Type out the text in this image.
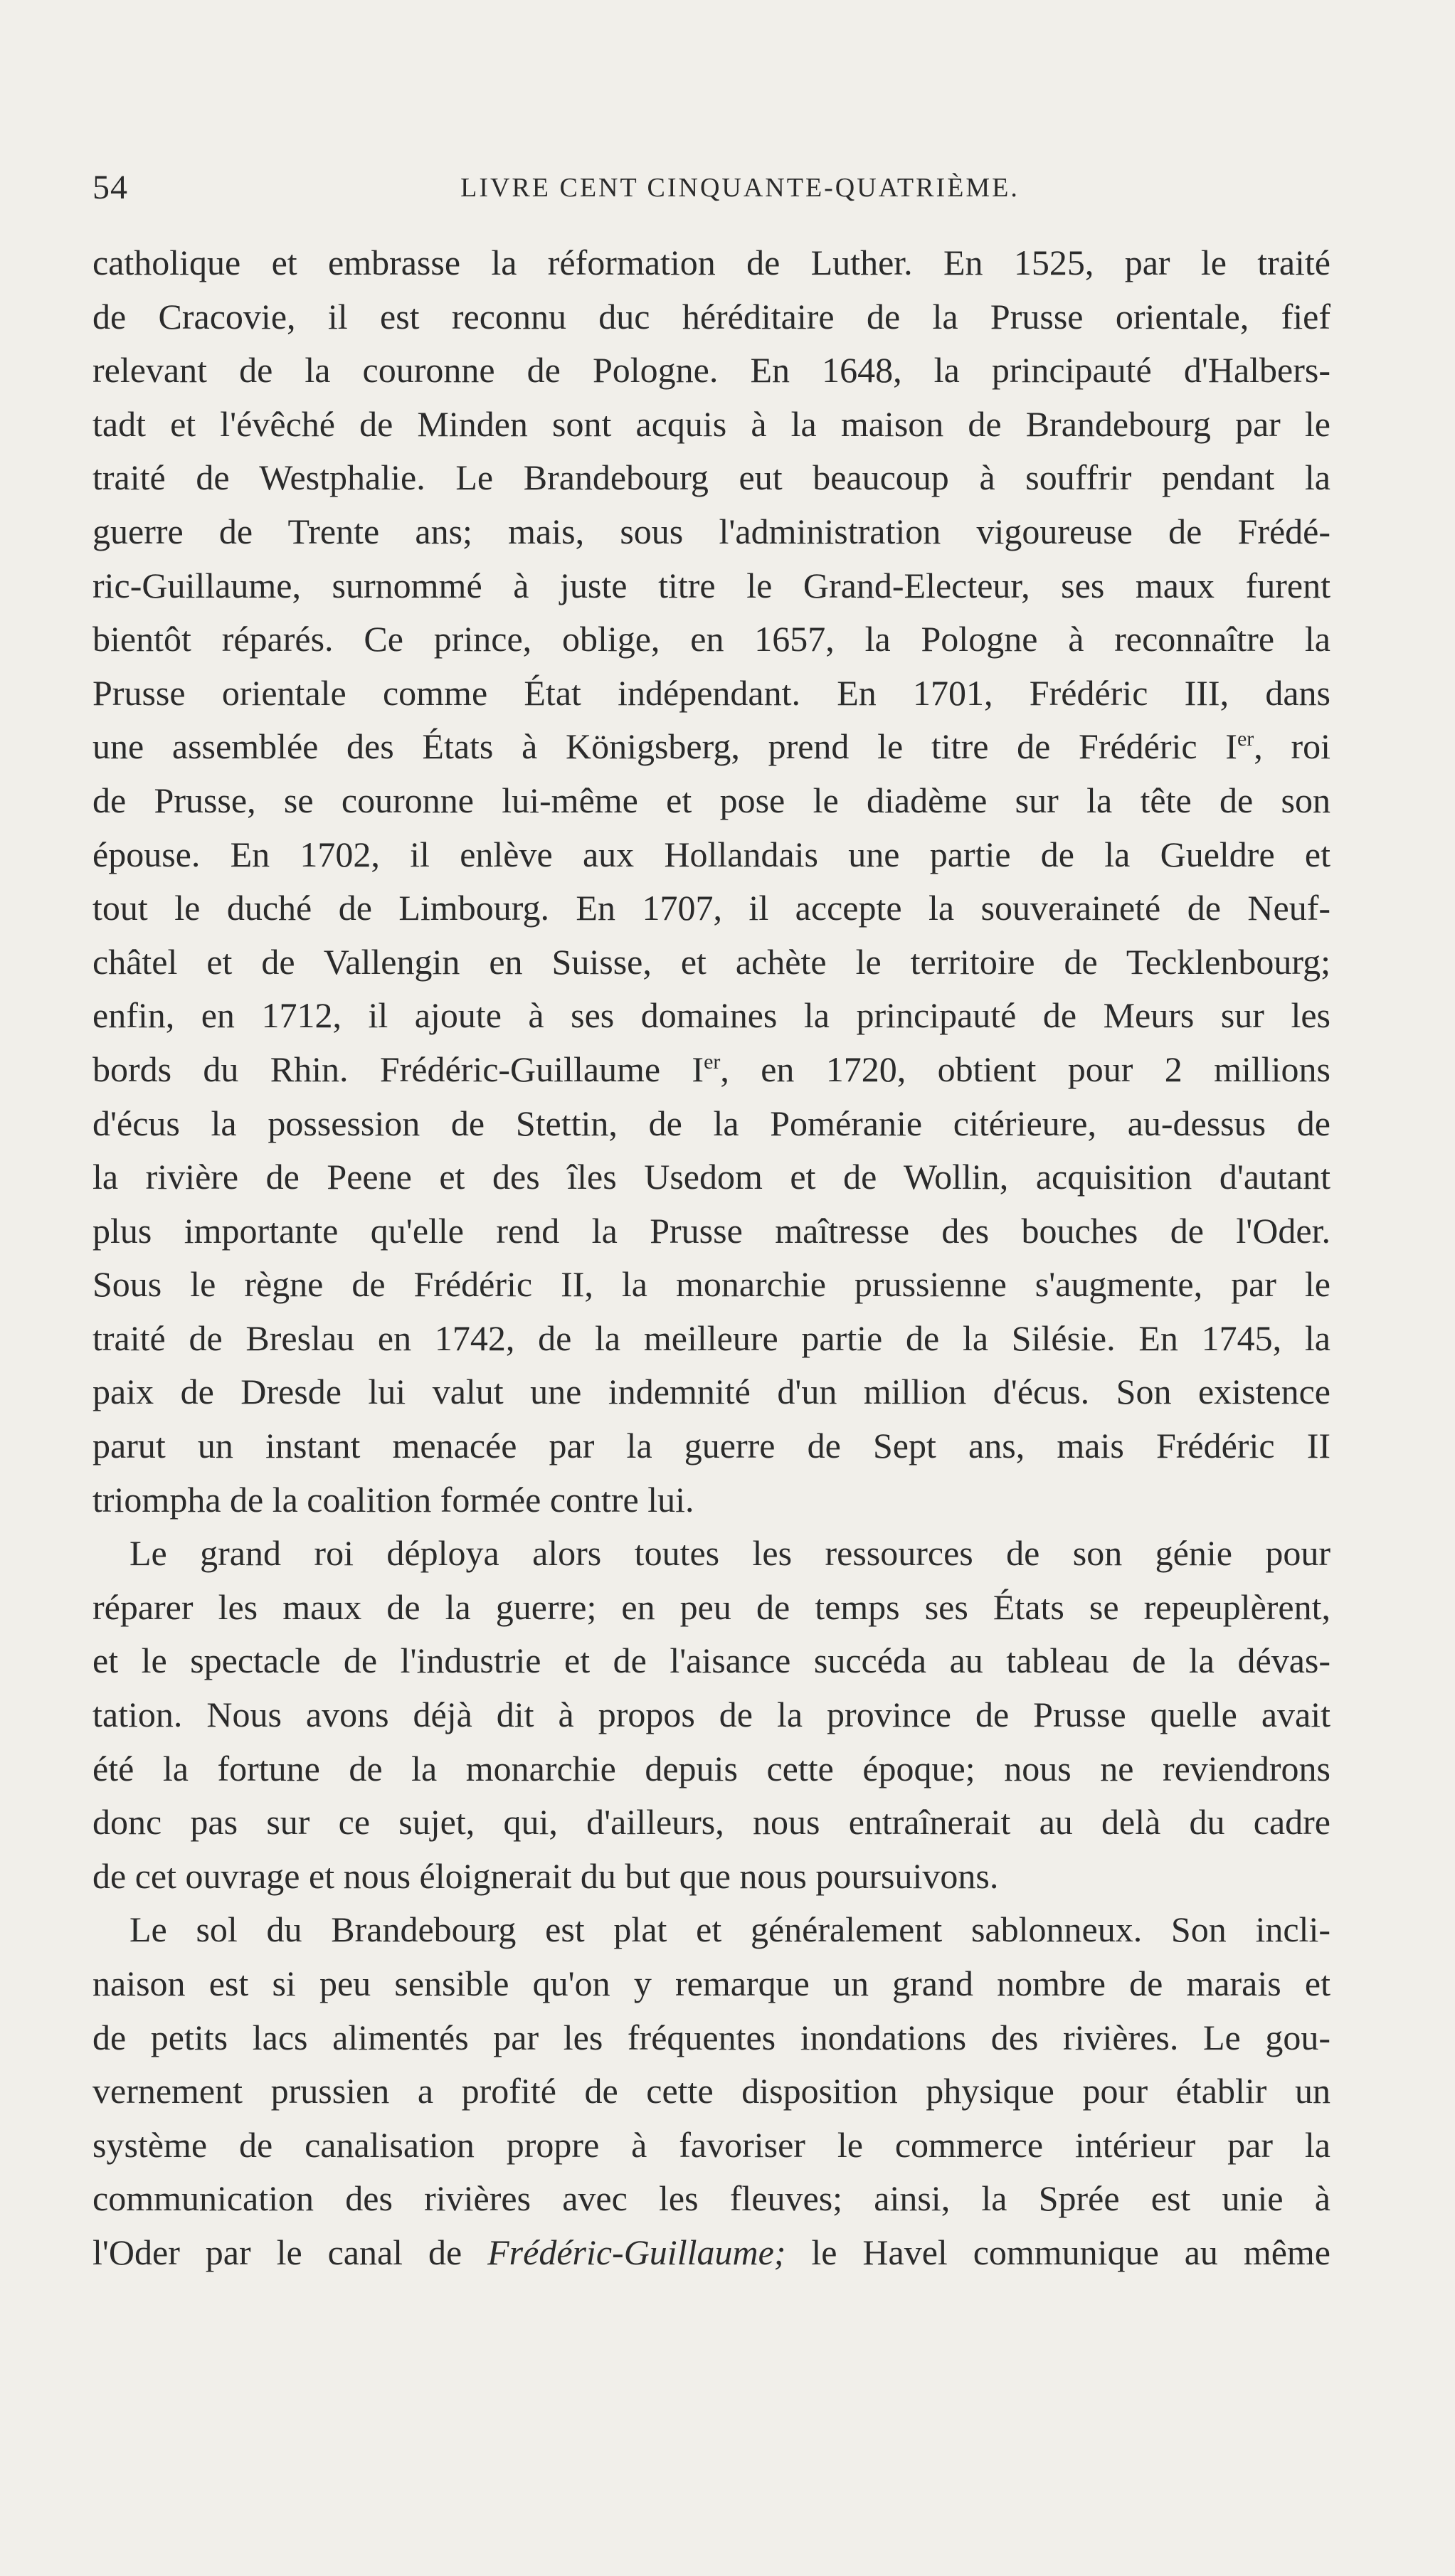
54	LIVRE CENT CINQUANTE-QUATRIÈME.
catholique et embrasse la réformation de Luther. En 1525, par le traité
de Cracovie, il est reconnu duc héréditaire de la Prusse orientale, fief
relevant de la couronne de Pologne. En 1648, la principauté d'Halbers-
tadt et l'évêché de Minden sont acquis à la maison de Brandebourg par le
traité de Westphalie. Le Brandebourg eut beaucoup à souffrir pendant la
guerre de Trente ans; mais, sous l'administration vigoureuse de Frédé-
ric-Guillaume, surnommé à juste titre le Grand-Electeur, ses maux furent
bientôt réparés. Ce prince, oblige, en 1657, la Pologne à reconnaître la
Prusse orientale comme État indépendant. En 1701, Frédéric III, dans
une assemblée des États à Königsberg, prend le titre de Frédéric Ier, roi
de Prusse, se couronne lui-même et pose le diadème sur la tête de son
épouse. En 1702, il enlève aux Hollandais une partie de la Gueldre et
tout le duché de Limbourg. En 1707, il accepte la souveraineté de Neuf-
châtel et de Vallengin en Suisse, et achète le territoire de Tecklenbourg;
enfin, en 1712, il ajoute à ses domaines la principauté de Meurs sur les
bords du Rhin. Frédéric-Guillaume Ier, en 1720, obtient pour 2 millions
d'écus la possession de Stettin, de la Poméranie citérieure, au-dessus de
la rivière de Peene et des îles Usedom et de Wollin, acquisition d'autant
plus importante qu'elle rend la Prusse maîtresse des bouches de l'Oder.
Sous le règne de Frédéric II, la monarchie prussienne s'augmente, par le
traité de Breslau en 1742, de la meilleure partie de la Silésie. En 1745, la
paix de Dresde lui valut une indemnité d'un million d'écus. Son existence
parut un instant menacée par la guerre de Sept ans, mais Frédéric II
triompha de la coalition formée contre lui.
Le grand roi déploya alors toutes les ressources de son génie pour
réparer les maux de la guerre; en peu de temps ses États se repeuplèrent,
et le spectacle de l'industrie et de l'aisance succéda au tableau de la dévas-
tation. Nous avons déjà dit à propos de la province de Prusse quelle avait
été la fortune de la monarchie depuis cette époque; nous ne reviendrons
donc pas sur ce sujet, qui, d'ailleurs, nous entraînerait au delà du cadre
de cet ouvrage et nous éloignerait du but que nous poursuivons.
Le sol du Brandebourg est plat et généralement sablonneux. Son incli-
naison est si peu sensible qu'on y remarque un grand nombre de marais et
de petits lacs alimentés par les fréquentes inondations des rivières. Le gou-
vernement prussien a profité de cette disposition physique pour établir un
système de canalisation propre à favoriser le commerce intérieur par la
communication des rivières avec les fleuves; ainsi, la Sprée est unie à
l'Oder par le canal de Frédéric-Guillaume; le Havel communique au même
